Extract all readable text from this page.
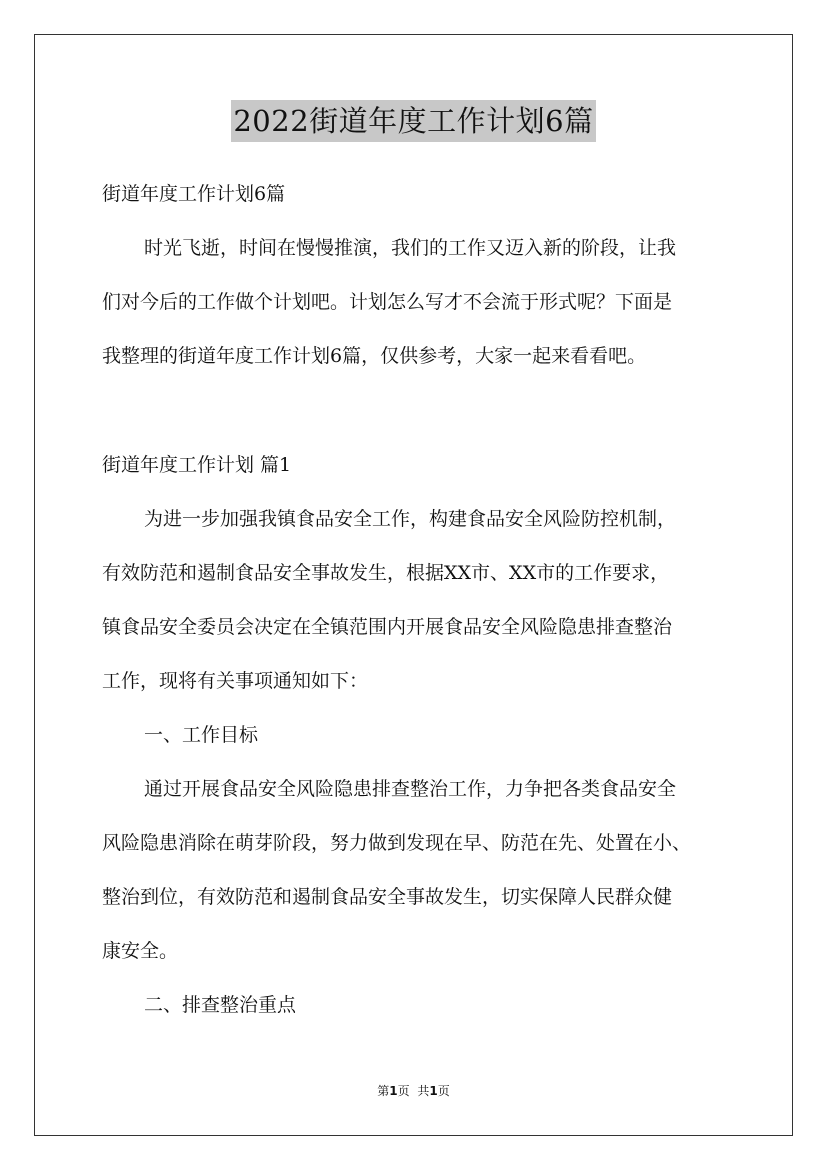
2022街道年度工作计划6篇
街道年度工作计划6篇
时光飞逝，时间在慢慢推演，我们的工作又迈入新的阶段，让我
们对今后的工作做个计划吧。计划怎么写才不会流于形式呢？下面是
我整理的街道年度工作计划6篇，仅供参考，大家一起来看看吧。
街道年度工作计划 篇1
为进一步加强我镇食品安全工作，构建食品安全风险防控机制，
有效防范和遏制食品安全事故发生，根据XX市、XX市的工作要求，
镇食品安全委员会决定在全镇范围内开展食品安全风险隐患排查整治
工作，现将有关事项通知如下：
一、工作目标
通过开展食品安全风险隐患排查整治工作，力争把各类食品安全
风险隐患消除在萌芽阶段，努力做到发现在早、防范在先、处置在小、
整治到位，有效防范和遏制食品安全事故发生，切实保障人民群众健
康安全。
二、排查整治重点
第1页 共1页
